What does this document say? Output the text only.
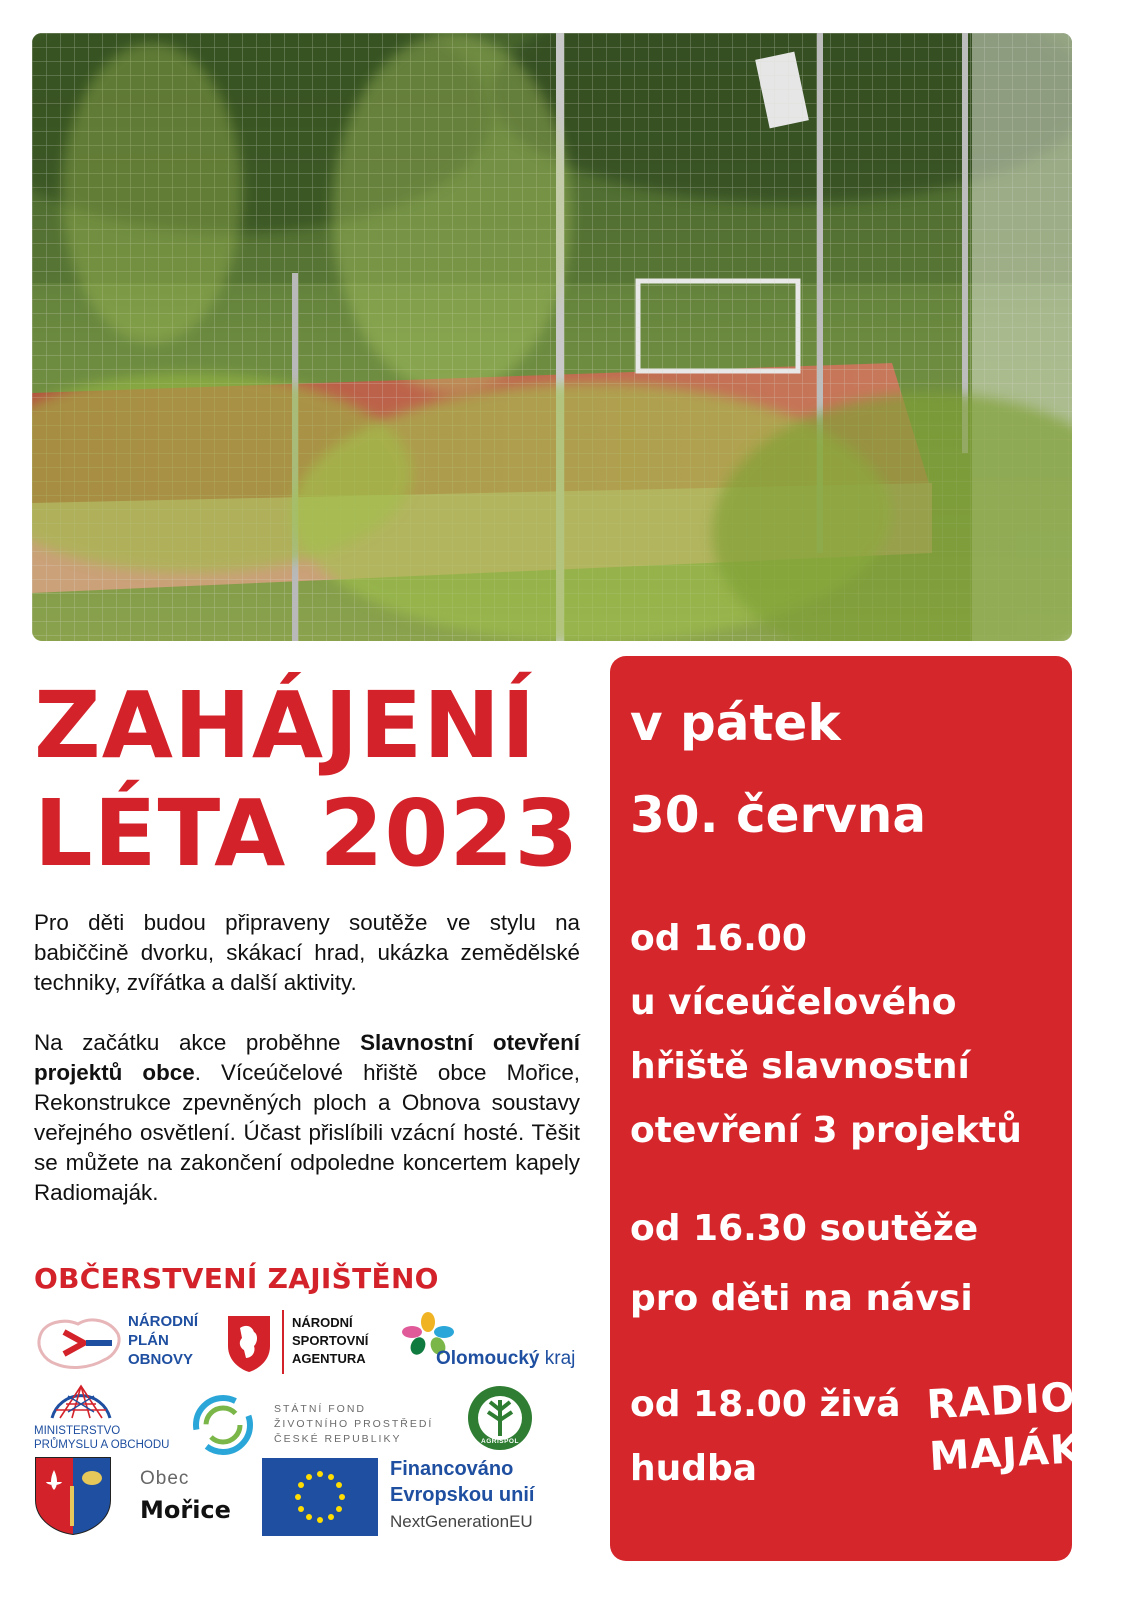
ZAHÁJENÍ
LÉTA 2023

Pro děti budou připraveny soutěže ve stylu na babiččině dvorku, skákací hrad, ukázka zemědělské techniky, zvířátka a další aktivity.

Na začátku akce proběhne Slavnostní otevření projektů obce. Víceúčelové hřiště obce Mořice, Rekonstrukce zpevněných ploch a Obnova soustavy veřejného osvětlení. Účast přislíbili vzácní hosté. Těšit se můžete na zakončení odpoledne koncertem kapely Radiomaják.

OBČERSTVENÍ ZAJIŠTĚNO
NÁRODNÍ
PLÁN
OBNOVY
NÁRODNÍ
SPORTOVNÍ
AGENTURA	Olomoucký kraj
MINISTERSTVO
PRŮMYSLU A OBCHODU
STÁTNÍ FOND
ŽIVOTNÍHO PROSTŘEDÍ
ČESKÉ REPUBLIKY	AGRISPOL
Obec
Mořice
Financováno
Evropskou unií
NextGenerationEU
v pátek
30. června
od 16.00
u víceúčelového
hřiště slavnostní
otevření 3 projektů
od 16.30 soutěže
pro děti na návsi
od 18.00 živá
hudba
RADIO
MAJÁK
